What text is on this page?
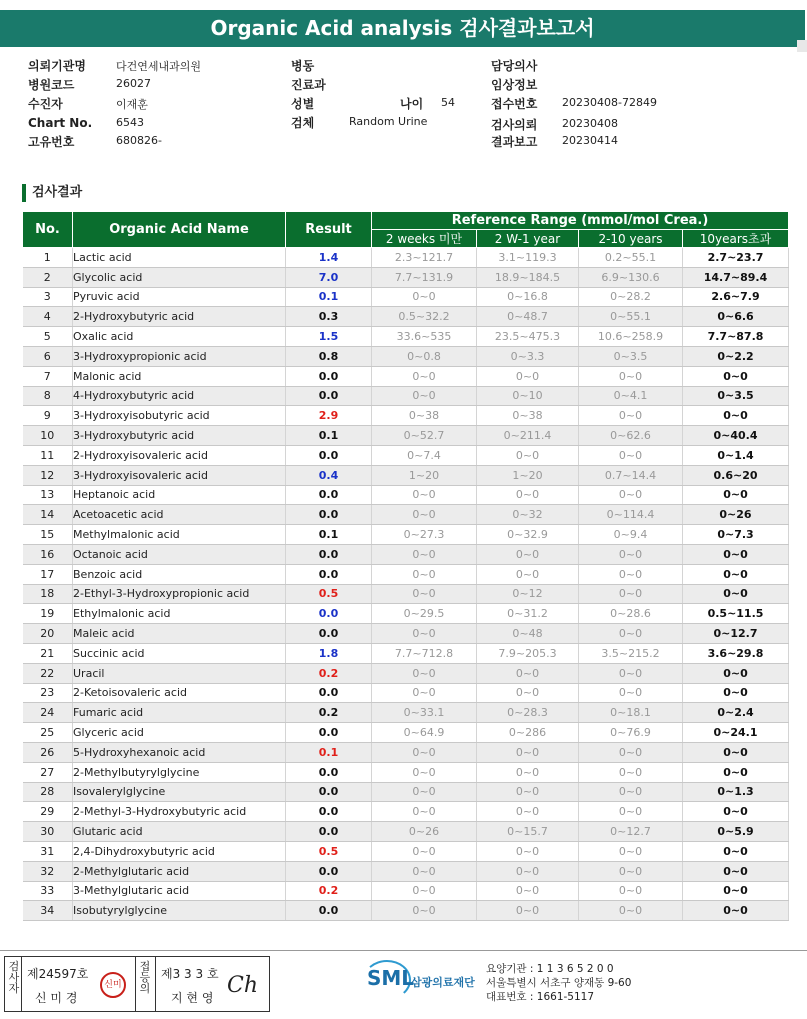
Organic Acid analysis 검사결과보고서
의뢰기관명	다건연세내과의원
병원코드	26027
수진자	이재훈
Chart No. 6543
고유번호	680826-
병동
진료과
성별	나이 54
검체	Random Urine
담당의사
임상정보
접수번호 20230408-72849
검사의뢰 20230408
결과보고 20230414
검사결과
No.	Organic Acid Name	Result	Reference Range (mmol/mol Crea.)			
			2 weeks 미만	2 W-1 year	2-10 years	10years초과
1	Lactic acid	1.4	2.3~121.7	3.1~119.3	0.2~55.1	2.7~23.7
2	Glycolic acid	7.0	7.7~131.9	18.9~184.5	6.9~130.6	14.7~89.4
3	Pyruvic acid	0.1	0~0	0~16.8	0~28.2	2.6~7.9
4	2-Hydroxybutyric acid	0.3	0.5~32.2	0~48.7	0~55.1	0~6.6
5	Oxalic acid	1.5	33.6~535	23.5~475.3	10.6~258.9	7.7~87.8
6	3-Hydroxypropionic acid	0.8	0~0.8	0~3.3	0~3.5	0~2.2
7	Malonic acid	0.0	0~0	0~0	0~0	0~0
8	4-Hydroxybutyric acid	0.0	0~0	0~10	0~4.1	0~3.5
9	3-Hydroxyisobutyric acid	2.9	0~38	0~38	0~0	0~0
10	3-Hydroxybutyric acid	0.1	0~52.7	0~211.4	0~62.6	0~40.4
11	2-Hydroxyisovaleric acid	0.0	0~7.4	0~0	0~0	0~1.4
12	3-Hydroxyisovaleric acid	0.4	1~20	1~20	0.7~14.4	0.6~20
13	Heptanoic acid	0.0	0~0	0~0	0~0	0~0
14	Acetoacetic acid	0.0	0~0	0~32	0~114.4	0~26
15	Methylmalonic acid	0.1	0~27.3	0~32.9	0~9.4	0~7.3
16	Octanoic acid	0.0	0~0	0~0	0~0	0~0
17	Benzoic acid	0.0	0~0	0~0	0~0	0~0
18	2-Ethyl-3-Hydroxypropionic acid	0.5	0~0	0~12	0~0	0~0
19	Ethylmalonic acid	0.0	0~29.5	0~31.2	0~28.6	0.5~11.5
20	Maleic acid	0.0	0~0	0~48	0~0	0~12.7
21	Succinic acid	1.8	7.7~712.8	7.9~205.3	3.5~215.2	3.6~29.8
22	Uracil	0.2	0~0	0~0	0~0	0~0
23	2-Ketoisovaleric acid	0.0	0~0	0~0	0~0	0~0
24	Fumaric acid	0.2	0~33.1	0~28.3	0~18.1	0~2.4
25	Glyceric acid	0.0	0~64.9	0~286	0~76.9	0~24.1
26	5-Hydroxyhexanoic acid	0.1	0~0	0~0	0~0	0~0
27	2-Methylbutyrylglycine	0.0	0~0	0~0	0~0	0~0
28	Isovalerylglycine	0.0	0~0	0~0	0~0	0~1.3
29	2-Methyl-3-Hydroxybutyric acid	0.0	0~0	0~0	0~0	0~0
30	Glutaric acid	0.0	0~26	0~15.7	0~12.7	0~5.9
31	2,4-Dihydroxybutyric acid	0.5	0~0	0~0	0~0	0~0
32	2-Methylglutaric acid	0.0	0~0	0~0	0~0	0~0
33	3-Methylglutaric acid	0.2	0~0	0~0	0~0	0~0
34	Isobutyrylglycine	0.0	0~0	0~0	0~0	0~0
검사자
제24597호
신 미 경
신미
접등의
제3 3 3 호
지 현 영 Ch	SML
삼광의료재단
요양기관 : 1 1 3 6 5 2 0 0
서울특별시 서초구 양재동 9-60
대표번호 : 1661-5117
